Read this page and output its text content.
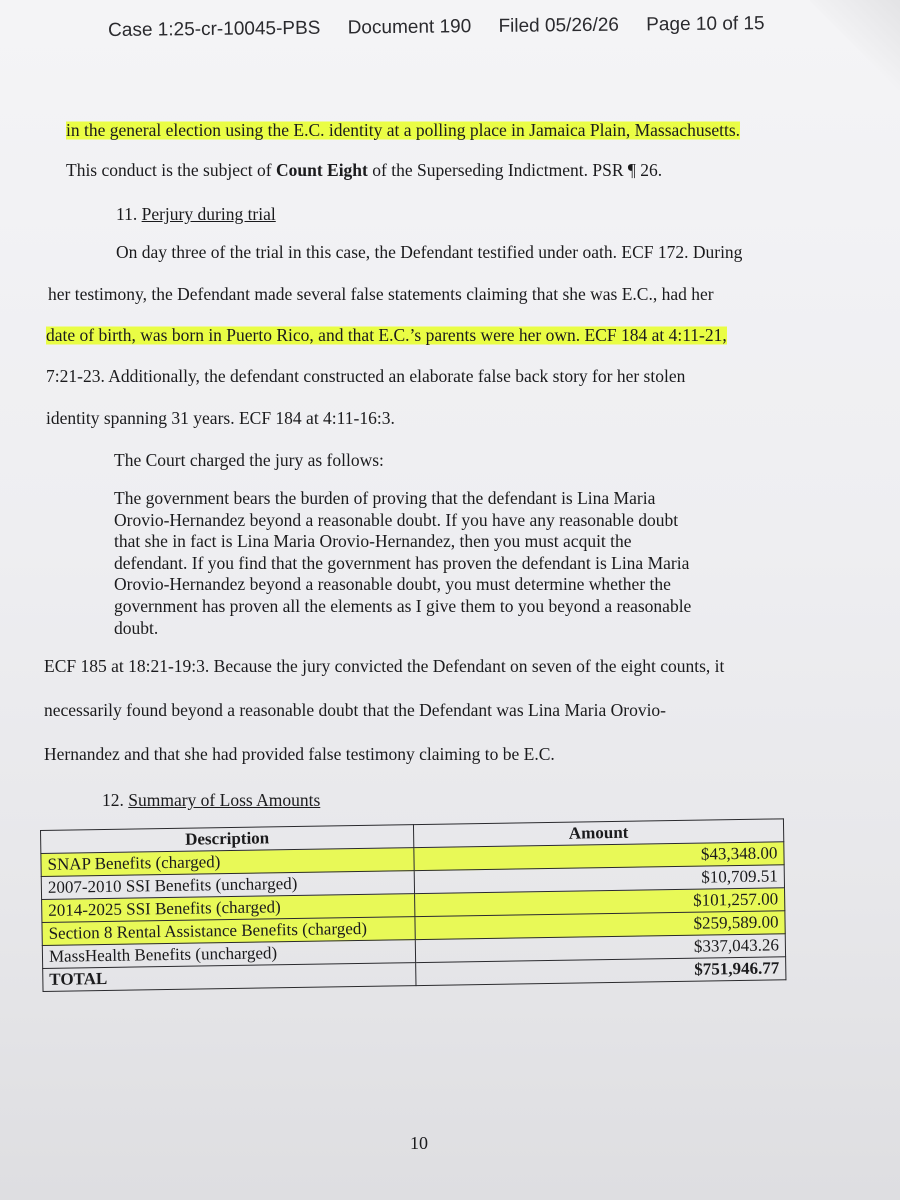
Case 1:25-cr-10045-PBS Document 190 Filed 05/26/26 Page 10 of 15
in the general election using the E.C. identity at a polling place in Jamaica Plain, Massachusetts.
This conduct is the subject of Count Eight of the Superseding Indictment. PSR ¶ 26.
11. Perjury during trial
On day three of the trial in this case, the Defendant testified under oath. ECF 172. During
her testimony, the Defendant made several false statements claiming that she was E.C., had her
date of birth, was born in Puerto Rico, and that E.C.’s parents were her own. ECF 184 at 4:11-21,
7:21-23. Additionally, the defendant constructed an elaborate false back story for her stolen
identity spanning 31 years. ECF 184 at 4:11-16:3.
The Court charged the jury as follows:

The government bears the burden of proving that the defendant is Lina Maria

Orovio-Hernandez beyond a reasonable doubt. If you have any reasonable doubt

that she in fact is Lina Maria Orovio-Hernandez, then you must acquit the

defendant. If you find that the government has proven the defendant is Lina Maria

Orovio-Hernandez beyond a reasonable doubt, you must determine whether the

government has proven all the elements as I give them to you beyond a reasonable

doubt.

ECF 185 at 18:21-19:3. Because the jury convicted the Defendant on seven of the eight counts, it
necessarily found beyond a reasonable doubt that the Defendant was Lina Maria Orovio-
Hernandez and that she had provided false testimony claiming to be E.C.
12. Summary of Loss Amounts
Description	Amount
SNAP Benefits (charged)	$43,348.00
2007-2010 SSI Benefits (uncharged)	$10,709.51
2014-2025 SSI Benefits (charged)	$101,257.00
Section 8 Rental Assistance Benefits (charged)	$259,589.00
MassHealth Benefits (uncharged)	$337,043.26
TOTAL	$751,946.77
10
